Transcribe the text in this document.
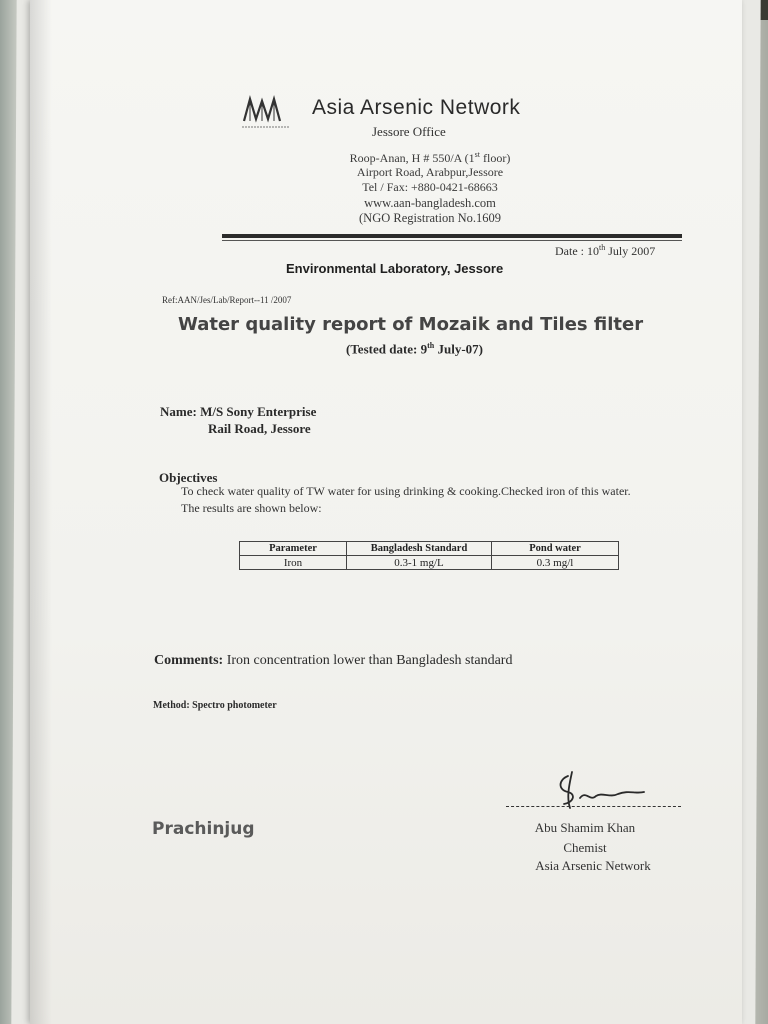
Asia Arsenic Network
Jessore Office
Roop-Anan, H # 550/A (1st floor)
Airport Road, Arabpur,Jessore
Tel / Fax: +880-0421-68663
www.aan-bangladesh.com
(NGO Registration No.1609
Date : 10th July 2007
Environmental Laboratory, Jessore
Ref:AAN/Jes/Lab/Report--11 /2007
Water quality report of Mozaik and Tiles filter
(Tested date: 9th July-07)
Name: M/S Sony Enterprise
Rail Road, Jessore
Objectives
To check water quality of TW water for using drinking & cooking.Checked iron of this water.
The results are shown below:
Parameter	Bangladesh Standard	Pond water
Iron	0.3-1 mg/L	0.3 mg/l
Comments: Iron concentration lower than Bangladesh standard
Method: Spectro photometer
Abu Shamim Khan
Chemist
Asia Arsenic Network
Prachinjug
